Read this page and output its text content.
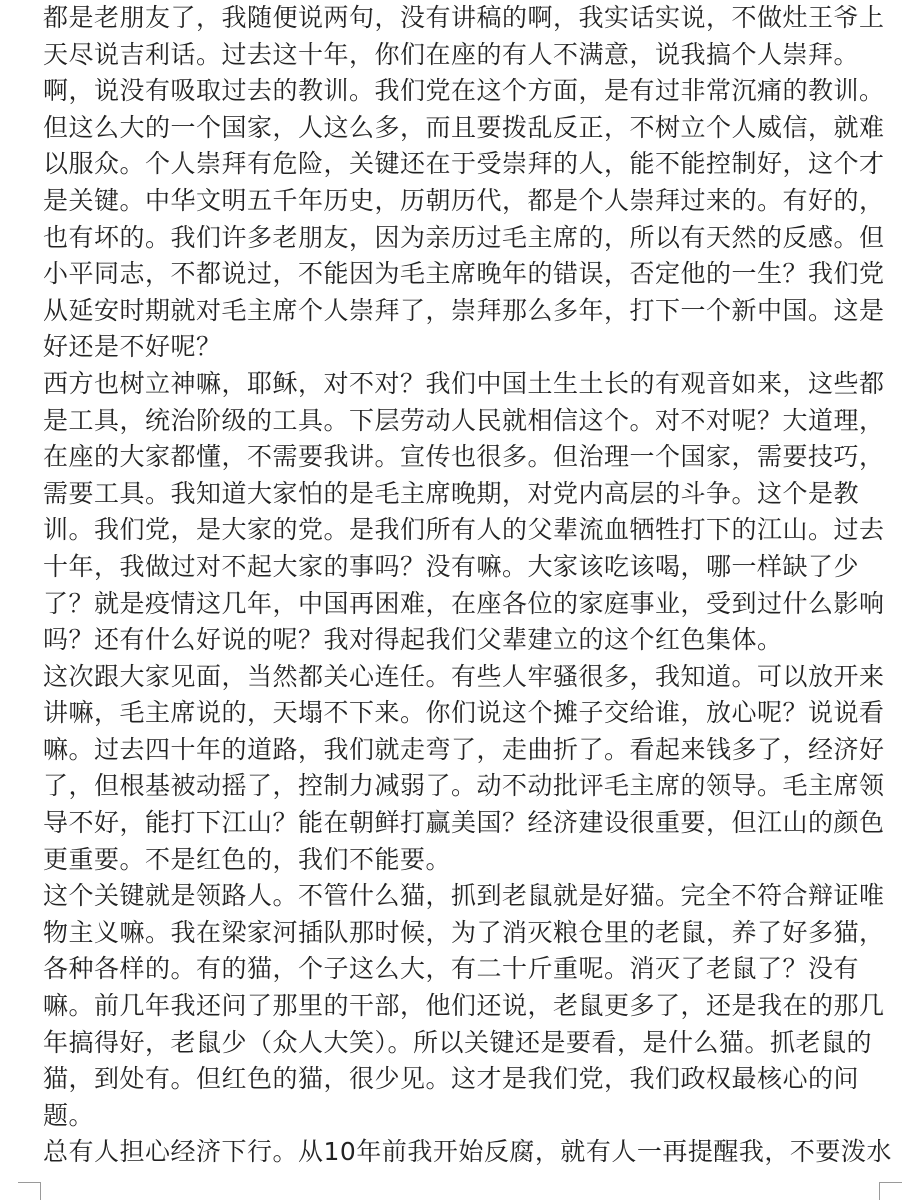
都是老朋友了，我随便说两句，没有讲稿的啊，我实话实说，不做灶王爷上

天尽说吉利话。过去这十年，你们在座的有人不满意，说我搞个人崇拜。

啊，说没有吸取过去的教训。我们党在这个方面，是有过非常沉痛的教训。

但这么大的一个国家，人这么多，而且要拨乱反正，不树立个人威信，就难

以服众。个人崇拜有危险，关键还在于受崇拜的人，能不能控制好，这个才

是关键。中华文明五千年历史，历朝历代，都是个人崇拜过来的。有好的，

也有坏的。我们许多老朋友，因为亲历过毛主席的，所以有天然的反感。但

小平同志，不都说过，不能因为毛主席晚年的错误，否定他的一生？我们党

从延安时期就对毛主席个人崇拜了，崇拜那么多年，打下一个新中国。这是

好还是不好呢？

西方也树立神嘛，耶稣，对不对？我们中国土生土长的有观音如来，这些都

是工具，统治阶级的工具。下层劳动人民就相信这个。对不对呢？大道理，

在座的大家都懂，不需要我讲。宣传也很多。但治理一个国家，需要技巧，

需要工具。我知道大家怕的是毛主席晚期，对党内高层的斗争。这个是教

训。我们党，是大家的党。是我们所有人的父辈流血牺牲打下的江山。过去

十年，我做过对不起大家的事吗？没有嘛。大家该吃该喝，哪一样缺了少

了？就是疫情这几年，中国再困难，在座各位的家庭事业，受到过什么影响

吗？还有什么好说的呢？我对得起我们父辈建立的这个红色集体。

这次跟大家见面，当然都关心连任。有些人牢骚很多，我知道。可以放开来

讲嘛，毛主席说的，天塌不下来。你们说这个摊子交给谁，放心呢？说说看

嘛。过去四十年的道路，我们就走弯了，走曲折了。看起来钱多了，经济好

了，但根基被动摇了，控制力减弱了。动不动批评毛主席的领导。毛主席领

导不好，能打下江山？能在朝鲜打赢美国？经济建设很重要，但江山的颜色

更重要。不是红色的，我们不能要。

这个关键就是领路人。不管什么猫，抓到老鼠就是好猫。完全不符合辩证唯

物主义嘛。我在梁家河插队那时候，为了消灭粮仓里的老鼠，养了好多猫，

各种各样的。有的猫，个子这么大，有二十斤重呢。消灭了老鼠了？没有

嘛。前几年我还问了那里的干部，他们还说，老鼠更多了，还是我在的那几

年搞得好，老鼠少（众人大笑）。所以关键还是要看，是什么猫。抓老鼠的

猫，到处有。但红色的猫，很少见。这才是我们党，我们政权最核心的问

题。

总有人担心经济下行。从10年前我开始反腐，就有人一再提醒我，不要泼水
